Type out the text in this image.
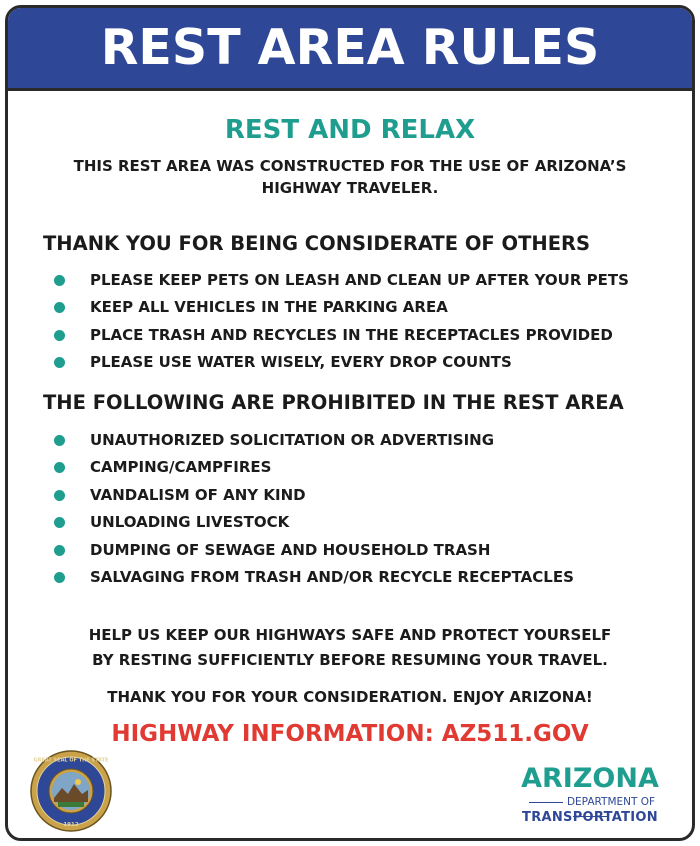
REST AREA RULES
REST AND RELAX
THIS REST AREA WAS CONSTRUCTED FOR THE USE OF ARIZONA’S
HIGHWAY TRAVELER.
THANK YOU FOR BEING CONSIDERATE OF OTHERS
PLEASE KEEP PETS ON LEASH AND CLEAN UP AFTER YOUR PETS
KEEP ALL VEHICLES IN THE PARKING AREA
PLACE TRASH AND RECYCLES IN THE RECEPTACLES PROVIDED
PLEASE USE WATER WISELY, EVERY DROP COUNTS
THE FOLLOWING ARE PROHIBITED IN THE REST AREA
UNAUTHORIZED SOLICITATION OR ADVERTISING
CAMPING/CAMPFIRES
VANDALISM OF ANY KIND
UNLOADING LIVESTOCK
DUMPING OF SEWAGE AND HOUSEHOLD TRASH
SALVAGING FROM TRASH AND/OR RECYCLE RECEPTACLES
HELP US KEEP OUR HIGHWAYS SAFE AND PROTECT YOURSELF
BY RESTING SUFFICIENTLY BEFORE RESUMING YOUR TRAVEL.
THANK YOU FOR YOUR CONSIDERATION. ENJOY ARIZONA!
HIGHWAY INFORMATION: AZ511.GOV
GREAT SEAL OF THE STATE
1912
ARIZONA
DEPARTMENT OF
TRANSPORTATION
